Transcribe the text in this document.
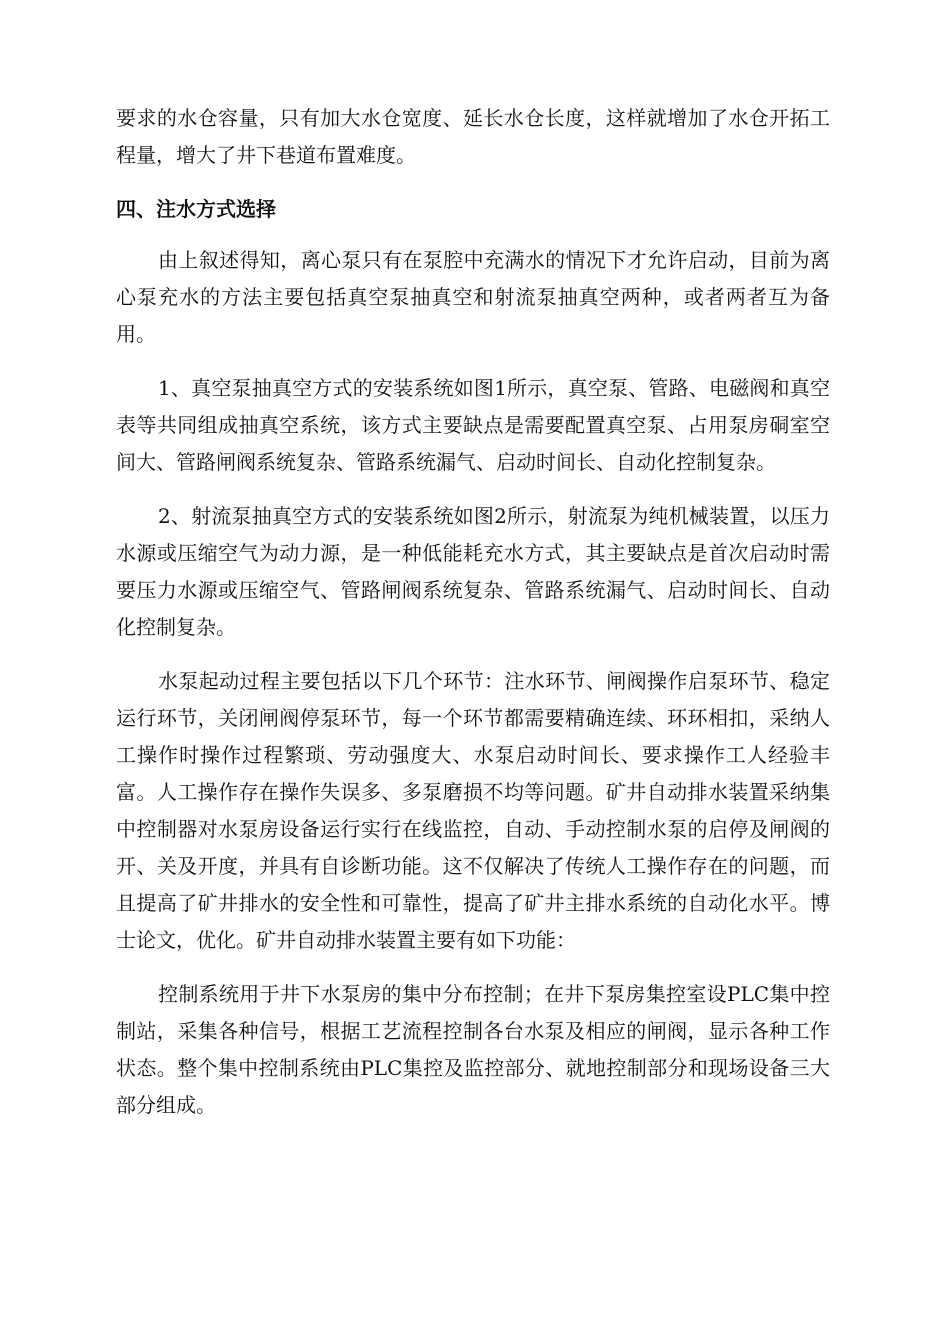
要求的水仓容量，只有加大水仓宽度、延长水仓长度，这样就增加了水仓开拓工程量，增大了井下巷道布置难度。

四、注水方式选择

由上叙述得知，离心泵只有在泵腔中充满水的情况下才允许启动，目前为离心泵充水的方法主要包括真空泵抽真空和射流泵抽真空两种，或者两者互为备用。

1、真空泵抽真空方式的安装系统如图1所示，真空泵、管路、电磁阀和真空表等共同组成抽真空系统，该方式主要缺点是需要配置真空泵、占用泵房硐室空间大、管路闸阀系统复杂、管路系统漏气、启动时间长、自动化控制复杂。

2、射流泵抽真空方式的安装系统如图2所示，射流泵为纯机械装置，以压力水源或压缩空气为动力源，是一种低能耗充水方式，其主要缺点是首次启动时需要压力水源或压缩空气、管路闸阀系统复杂、管路系统漏气、启动时间长、自动化控制复杂。

水泵起动过程主要包括以下几个环节：注水环节、闸阀操作启泵环节、稳定运行环节，关闭闸阀停泵环节，每一个环节都需要精确连续、环环相扣，采纳人工操作时操作过程繁琐、劳动强度大、水泵启动时间长、要求操作工人经验丰富。人工操作存在操作失误多、多泵磨损不均等问题。矿井自动排水装置采纳集中控制器对水泵房设备运行实行在线监控，自动、手动控制水泵的启停及闸阀的开、关及开度，并具有自诊断功能。这不仅解决了传统人工操作存在的问题，而且提高了矿井排水的安全性和可靠性，提高了矿井主排水系统的自动化水平。博士论文，优化。矿井自动排水装置主要有如下功能：

控制系统用于井下水泵房的集中分布控制；在井下泵房集控室设PLC集中控制站，采集各种信号，根据工艺流程控制各台水泵及相应的闸阀，显示各种工作状态。整个集中控制系统由PLC集控及监控部分、就地控制部分和现场设备三大部分组成。
